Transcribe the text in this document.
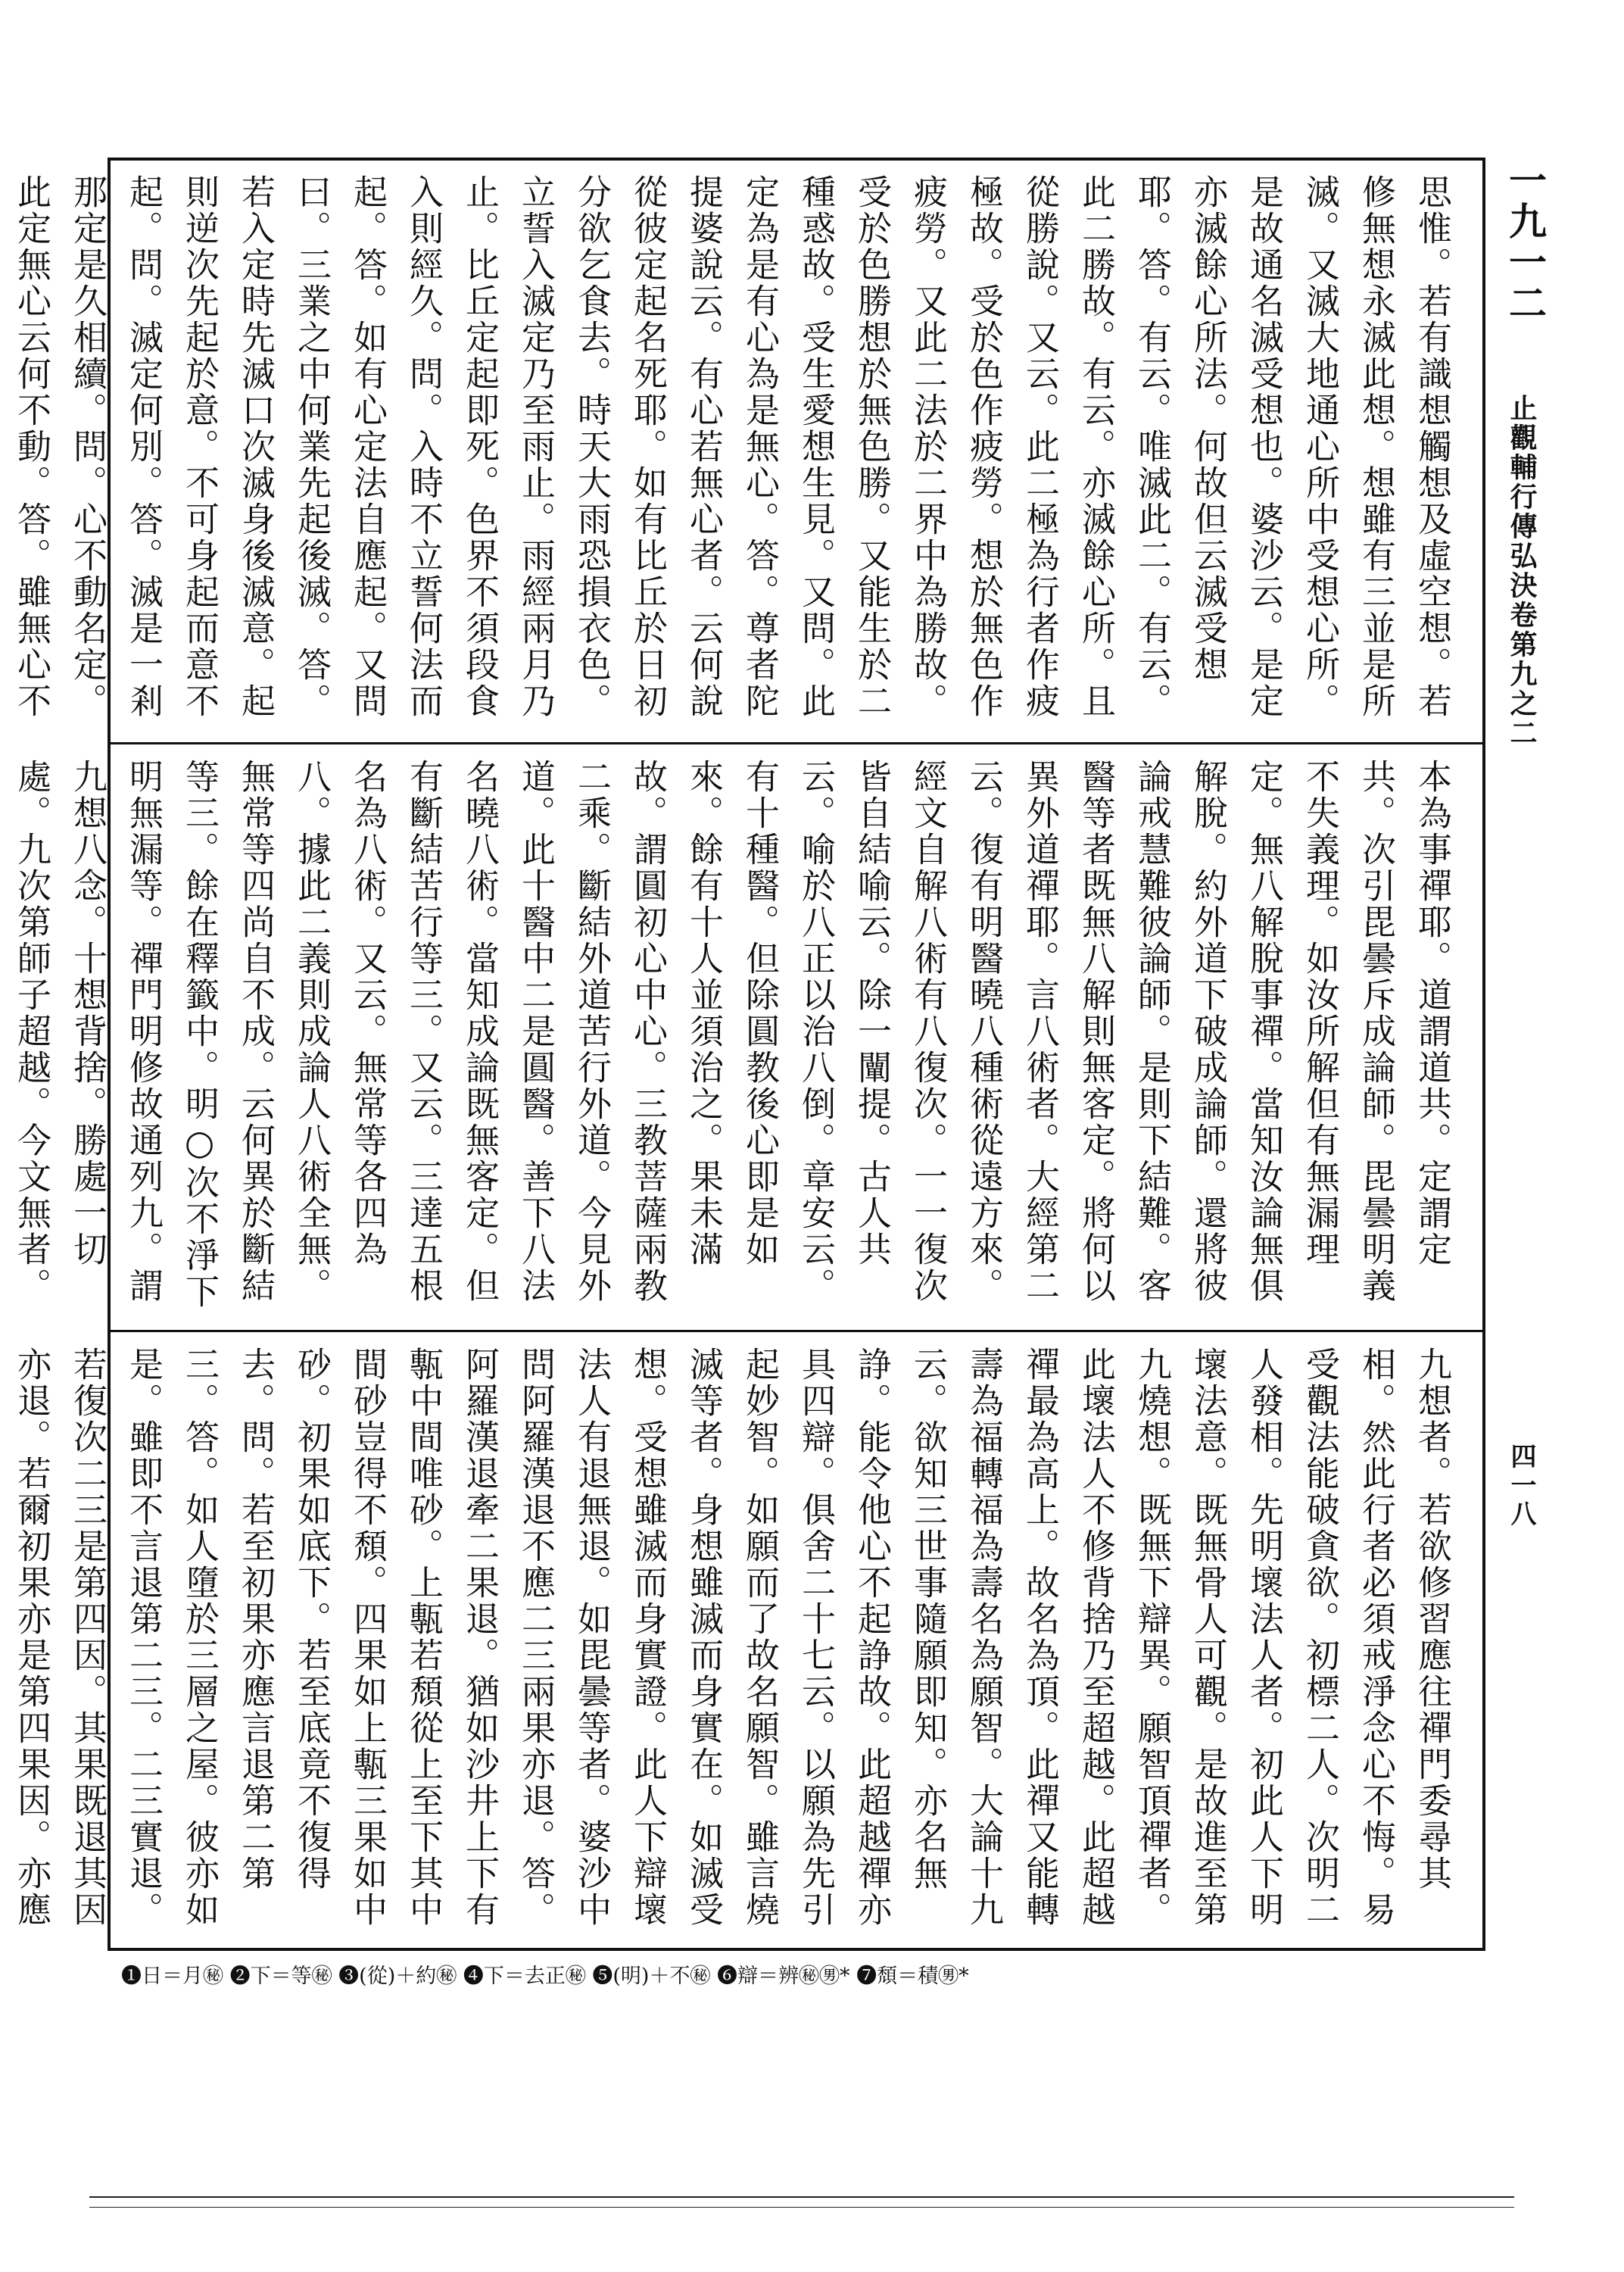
一九一二
止觀輔行傳弘決卷第九之二
四一八
思惟。若有識想觸想及虛空想。若修無想永滅此想。想雖有三並是所滅。又滅大地通心所中受想心所。是故通名滅受想也。婆沙云。是定亦滅餘心所法。何故但云滅受想耶。答。有云。唯滅此二。有云。此二勝故。有云。亦滅餘心所。且從勝說。又云。此二極為行者作疲極故。受於色作疲勞。想於無色作疲勞。又此二法於二界中為勝故。受於色勝想於無色勝。又能生於二種惑故。受生愛想生見。又問。此定為是有心為是無心。答。尊者陀提婆說云。有心若無心者。云何說從彼定起名死耶。如有比丘於日初分欲乞食去。時天大雨恐損衣色。立誓入滅定乃至雨止。雨經兩月乃止。比丘定起即死。色界不須段食入則經久。問。入時不立誓何法而起。答。如有心定法自應起。又問曰。三業之中何業先起後滅。答。若入定時先滅口次滅身後滅意。起則逆次先起於意。不可身起而意不起。問。滅定何別。答。滅是一剎那定是久相續。問。心不動名定。此定無心云何不動。答。雖無心不
本為事禪耶。道謂道共。定謂定共。次引毘曇斥成論師。毘曇明義不失義理。如汝所解但有無漏理定。無八解脫事禪。當知汝論無俱解脫。約外道下破成論師。還將彼論戒慧難彼論師。是則下結難。客醫等者既無八解則無客定。將何以異外道禪耶。言八術者。大經第二云。復有明醫曉八種術從遠方來。經文自解八術有八復次。一一復次皆自結喻云。除一闡提。古人共云。喻於八正以治八倒。章安云。有十種醫。但除圓教後心即是如來。餘有十人並須治之。果未滿故。謂圓初心中心。三教菩薩兩教二乘。斷結外道苦行外道。今見外道。此十醫中二是圓醫。善下八法名曉八術。當知成論既無客定。但有斷結苦行等三。又云。三達五根名為八術。又云。無常等各四為八。據此二義則成論人八術全無。無常等四尚自不成。云何異於斷結等三。餘在釋籤中。明○次不淨下明無漏等。禪門明修故通列九。謂九想八念。十想背捨。勝處一切處。九次第師子超越。今文無者。
九想者。若欲修習應往禪門委尋其相。然此行者必須戒淨念心不悔。易受觀法能破貪欲。初標二人。次明二人發相。先明壞法人者。初此人下明壞法意。既無骨人可觀。是故進至第九燒想。既無下辯異。願智頂禪者。此壞法人不修背捨乃至超越。此超越禪最為高上。故名為頂。此禪又能轉壽為福轉福為壽名為願智。大論十九云。欲知三世事隨願即知。亦名無諍。能令他心不起諍故。此超越禪亦具四辯。俱舍二十七云。以願為先引起妙智。如願而了故名願智。雖言燒滅等者。身想雖滅而身實在。如滅受想。受想雖滅而身實證。此人下辯壞法人有退無退。如毘曇等者。婆沙中問阿羅漢退不應二三兩果亦退。答。阿羅漢退牽二果退。猶如沙井上下有甎中間唯砂。上甎若頹從上至下其中間砂豈得不頹。四果如上甎三果如中砂。初果如底下。若至底竟不復得去。問。若至初果亦應言退第二第三。答。如人墮於三層之屋。彼亦如是。雖即不言退第二三。二三實退。若復次二三是第四因。其果既退其因亦退。若爾初果亦是第四果因。亦應
❶日＝月㊙ ❷下＝等㊙ ❸(從)＋約㊙ ❹下＝去正㊙ ❺(明)＋不㊙ ❻辯＝辨㊙㊚* ❼頹＝積㊚*
